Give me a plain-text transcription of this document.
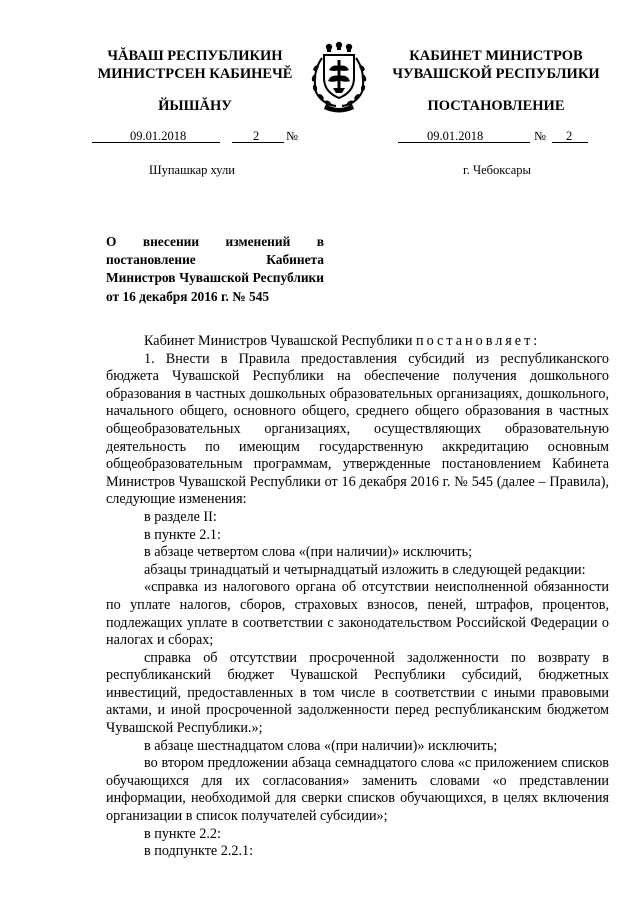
ЧĂВАШ РЕСПУБЛИКИН
МИНИСТРСЕН КАБИНЕЧĔ
ЙЫШĂНУ
КАБИНЕТ МИНИСТРОВ
ЧУВАШСКОЙ РЕСПУБЛИКИ
ПОСТАНОВЛЕНИЕ
09.01.2018	2 №	09.01.2018	№ 2
Шупашкар хули	г. Чебоксары
О внесении изменений в постановление Кабинета Министров Чувашской Республики от 16 декабря 2016 г. № 545

Кабинет Министров Чувашской Республики постановляет:

1. Внести в Правила предоставления субсидий из республиканского бюджета Чувашской Республики на обеспечение получения дошкольного образования в частных дошкольных образовательных организациях, дошкольного, начального общего, основного общего, среднего общего образования в частных общеобразовательных организациях, осуществляющих образовательную деятельность по имеющим государственную аккредитацию основным общеобразовательным программам, утвержденные постановлением Кабинета Министров Чувашской Республики от 16 декабря 2016 г. № 545 (далее – Правила), следующие изменения:

в разделе II:

в пункте 2.1:

в абзаце четвертом слова «(при наличии)» исключить;

абзацы тринадцатый и четырнадцатый изложить в следующей редакции:

«справка из налогового органа об отсутствии неисполненной обязанности по уплате налогов, сборов, страховых взносов, пеней, штрафов, процентов, подлежащих уплате в соответствии с законодательством Российской Федерации о налогах и сборах;

справка об отсутствии просроченной задолженности по возврату в республиканский бюджет Чувашской Республики субсидий, бюджетных инвестиций, предоставленных в том числе в соответствии с иными правовыми актами, и иной просроченной задолженности перед республиканским бюджетом Чувашской Республики.»;

в абзаце шестнадцатом слова «(при наличии)» исключить;

во втором предложении абзаца семнадцатого слова «с приложением списков обучающихся для их согласования» заменить словами «о представлении информации, необходимой для сверки списков обучающихся, в целях включения организации в список получателей субсидии»;

в пункте 2.2:

в подпункте 2.2.1:
